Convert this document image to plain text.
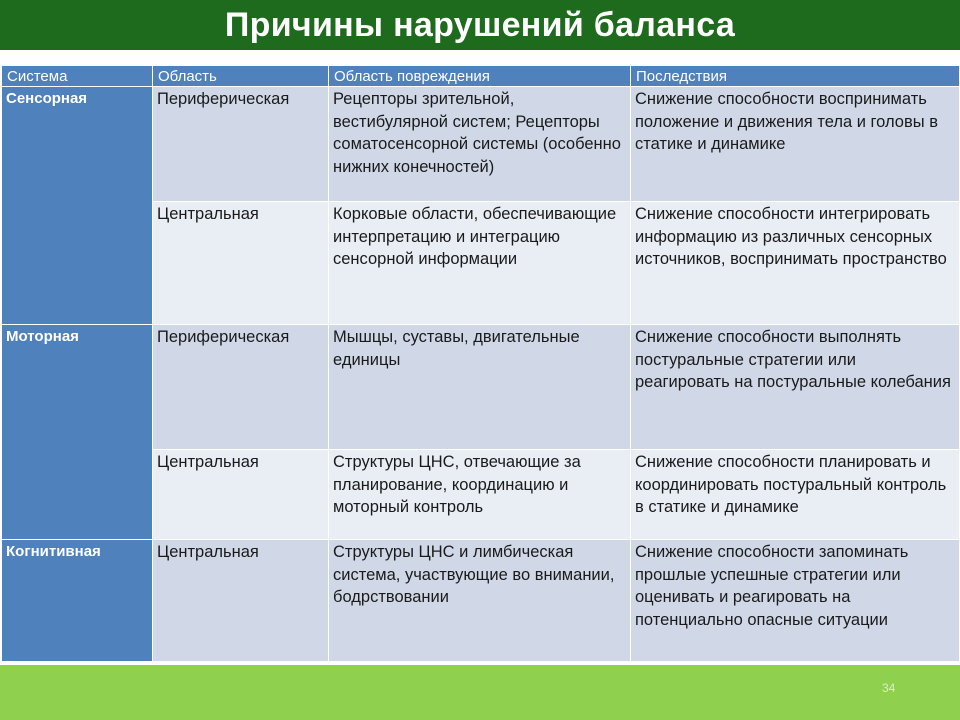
Причины нарушений баланса
Система	Область	Область повреждения	Последствия
Сенсорная	Периферическая	Рецепторы зрительной, вестибулярной систем; Рецепторы соматосенсорной системы (особенно нижних конечностей)	Снижение способности воспринимать положение и движения тела и головы в статике и динамике
	Центральная	Корковые области, обеспечивающие интерпретацию и интеграцию сенсорной информации	Снижение способности интегрировать информацию из различных сенсорных источников, воспринимать пространство
Моторная	Периферическая	Мышцы, суставы, двигательные единицы	Снижение способности выполнять постуральные стратегии или реагировать на постуральные колебания
	Центральная	Структуры ЦНС, отвечающие за планирование, координацию и моторный контроль	Снижение способности планировать и координировать постуральный контроль в статике и динамике
Когнитивная	Центральная	Структуры ЦНС и лимбическая система, участвующие во внимании, бодрствовании	Снижение способности запоминать прошлые успешные стратегии или оценивать и реагировать на потенциально опасные ситуации
34
